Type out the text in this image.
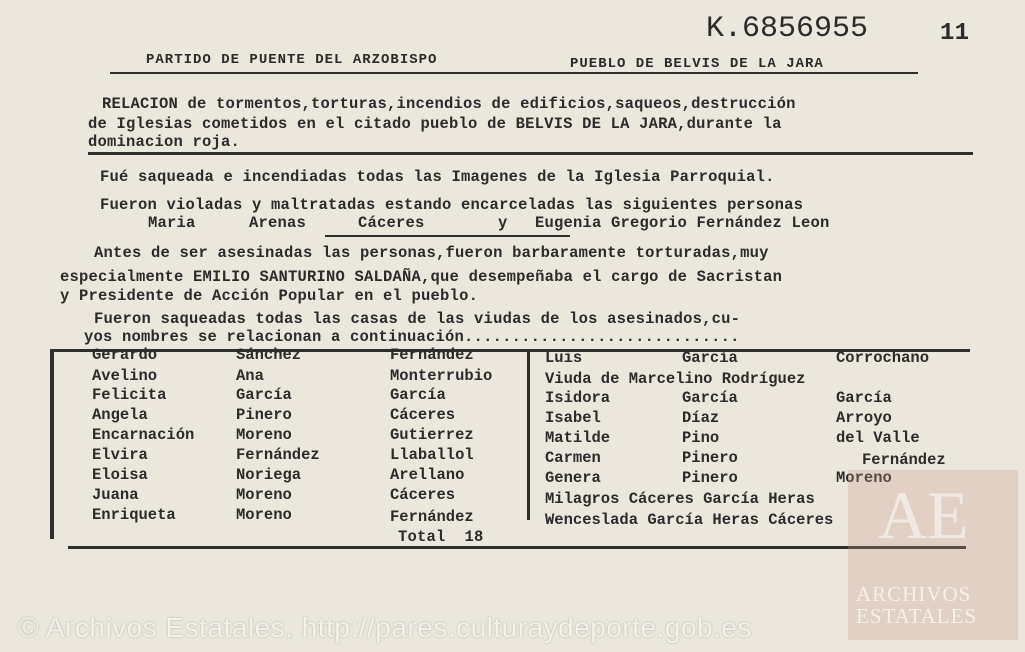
K.6856955	11
PARTIDO DE PUENTE DEL ARZOBISPO	PUEBLO DE BELVIS DE LA JARA
RELACION de tormentos,torturas,incendios de edificios,saqueos,destrucción
de Iglesias cometidos en el citado pueblo de BELVIS DE LA JARA,durante la
dominacion roja.
Fué saqueada e incendiadas todas las Imagenes de la Iglesia Parroquial.
Fueron violadas y maltratadas estando encarceladas las siguientes personas
Maria	Arenas	Cáceres	y Eugenia Gregorio Fernández Leon
Antes de ser asesinadas las personas,fueron barbaramente torturadas,muy
especialmente EMILIO SANTURINO SALDAÑA,que desempeñaba el cargo de Sacristan
y Presidente de Acción Popular en el pueblo.
Fueron saqueadas todas las casas de las viudas de los asesinados,cu-
yos nombres se relacionan a continuación.............................
Gerardo	Sánchez	Fernández
Avelino	Ana	Monterrubio
Felicita	García	García
Angela	Pinero	Cáceres
Encarnación	Moreno	Gutierrez
Elvira	Fernández	Llaballol
Eloisa	Noriega	Arellano
Juana	Moreno	Cáceres
Enriqueta	Moreno	Fernández
Luis	García	Corrochano
Viuda de Marcelino Rodríguez
Isidora	García	García
Isabel	Díaz	Arroyo
Matilde	Pino	del Valle
Carmen	Pinero	Fernández
Genera	Pinero	Moreno
Milagros Cáceres García Heras
Wenceslada García Heras Cáceres
Total  18	AE
ARCHIVOS
ESTATALES
© Archivos Estatales, http://pares.culturaydeporte.gob.es
